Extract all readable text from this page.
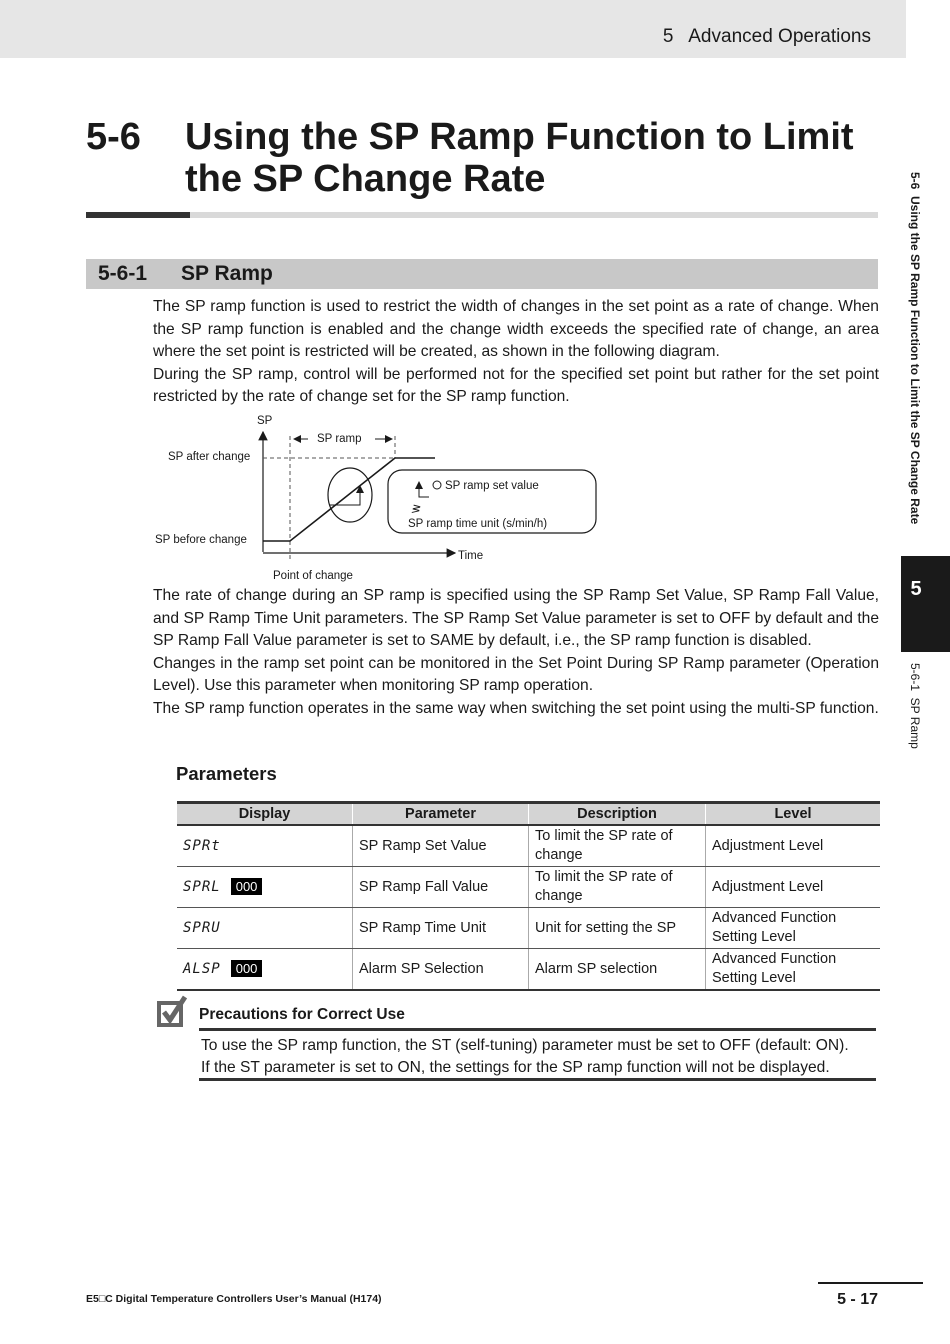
5   Advanced Operations
5-6 Using the SP Ramp Function to Limit the SP Change Rate
5-6-1 SP Ramp
The SP ramp function is used to restrict the width of changes in the set point as a rate of change. When the SP ramp function is enabled and the change width exceeds the specified rate of change, an area where the set point is restricted will be created, as shown in the following diagram.
During the SP ramp, control will be performed not for the specified set point but rather for the set point restricted by the rate of change set for the SP ramp function.
SP ramp set value
ᕒ
SP ramp time unit (s/min/h)
SP
SP ramp
SP after change
SP before change
Time
Point of change
The rate of change during an SP ramp is specified using the SP Ramp Set Value, SP Ramp Fall Value, and SP Ramp Time Unit parameters. The SP Ramp Set Value parameter is set to OFF by default and the SP Ramp Fall Value parameter is set to SAME by default, i.e., the SP ramp function is disabled.
Changes in the ramp set point can be monitored in the Set Point During SP Ramp parameter (Operation Level). Use this parameter when monitoring SP ramp operation.
The SP ramp function operates in the same way when switching the set point using the multi-SP function.
Parameters
Display	Parameter	Description	Level
SPRt	SP Ramp Set Value	To limit the SP rate of change	Adjustment Level
SPRL 000	SP Ramp Fall Value	To limit the SP rate of change	Adjustment Level
SPRU	SP Ramp Time Unit	Unit for setting the SP	Advanced Function Setting Level
ALSP 000	Alarm SP Selection	Alarm SP selection	Advanced Function Setting Level
Precautions for Correct Use
To use the SP ramp function, the ST (self-tuning) parameter must be set to OFF (default: ON).
If the ST parameter is set to ON, the settings for the SP ramp function will not be displayed.
5-6  Using the SP Ramp Function to Limit the SP Change Rate
5
5-6-1  SP Ramp
E5□C Digital Temperature Controllers User’s Manual (H174)	5 - 17
